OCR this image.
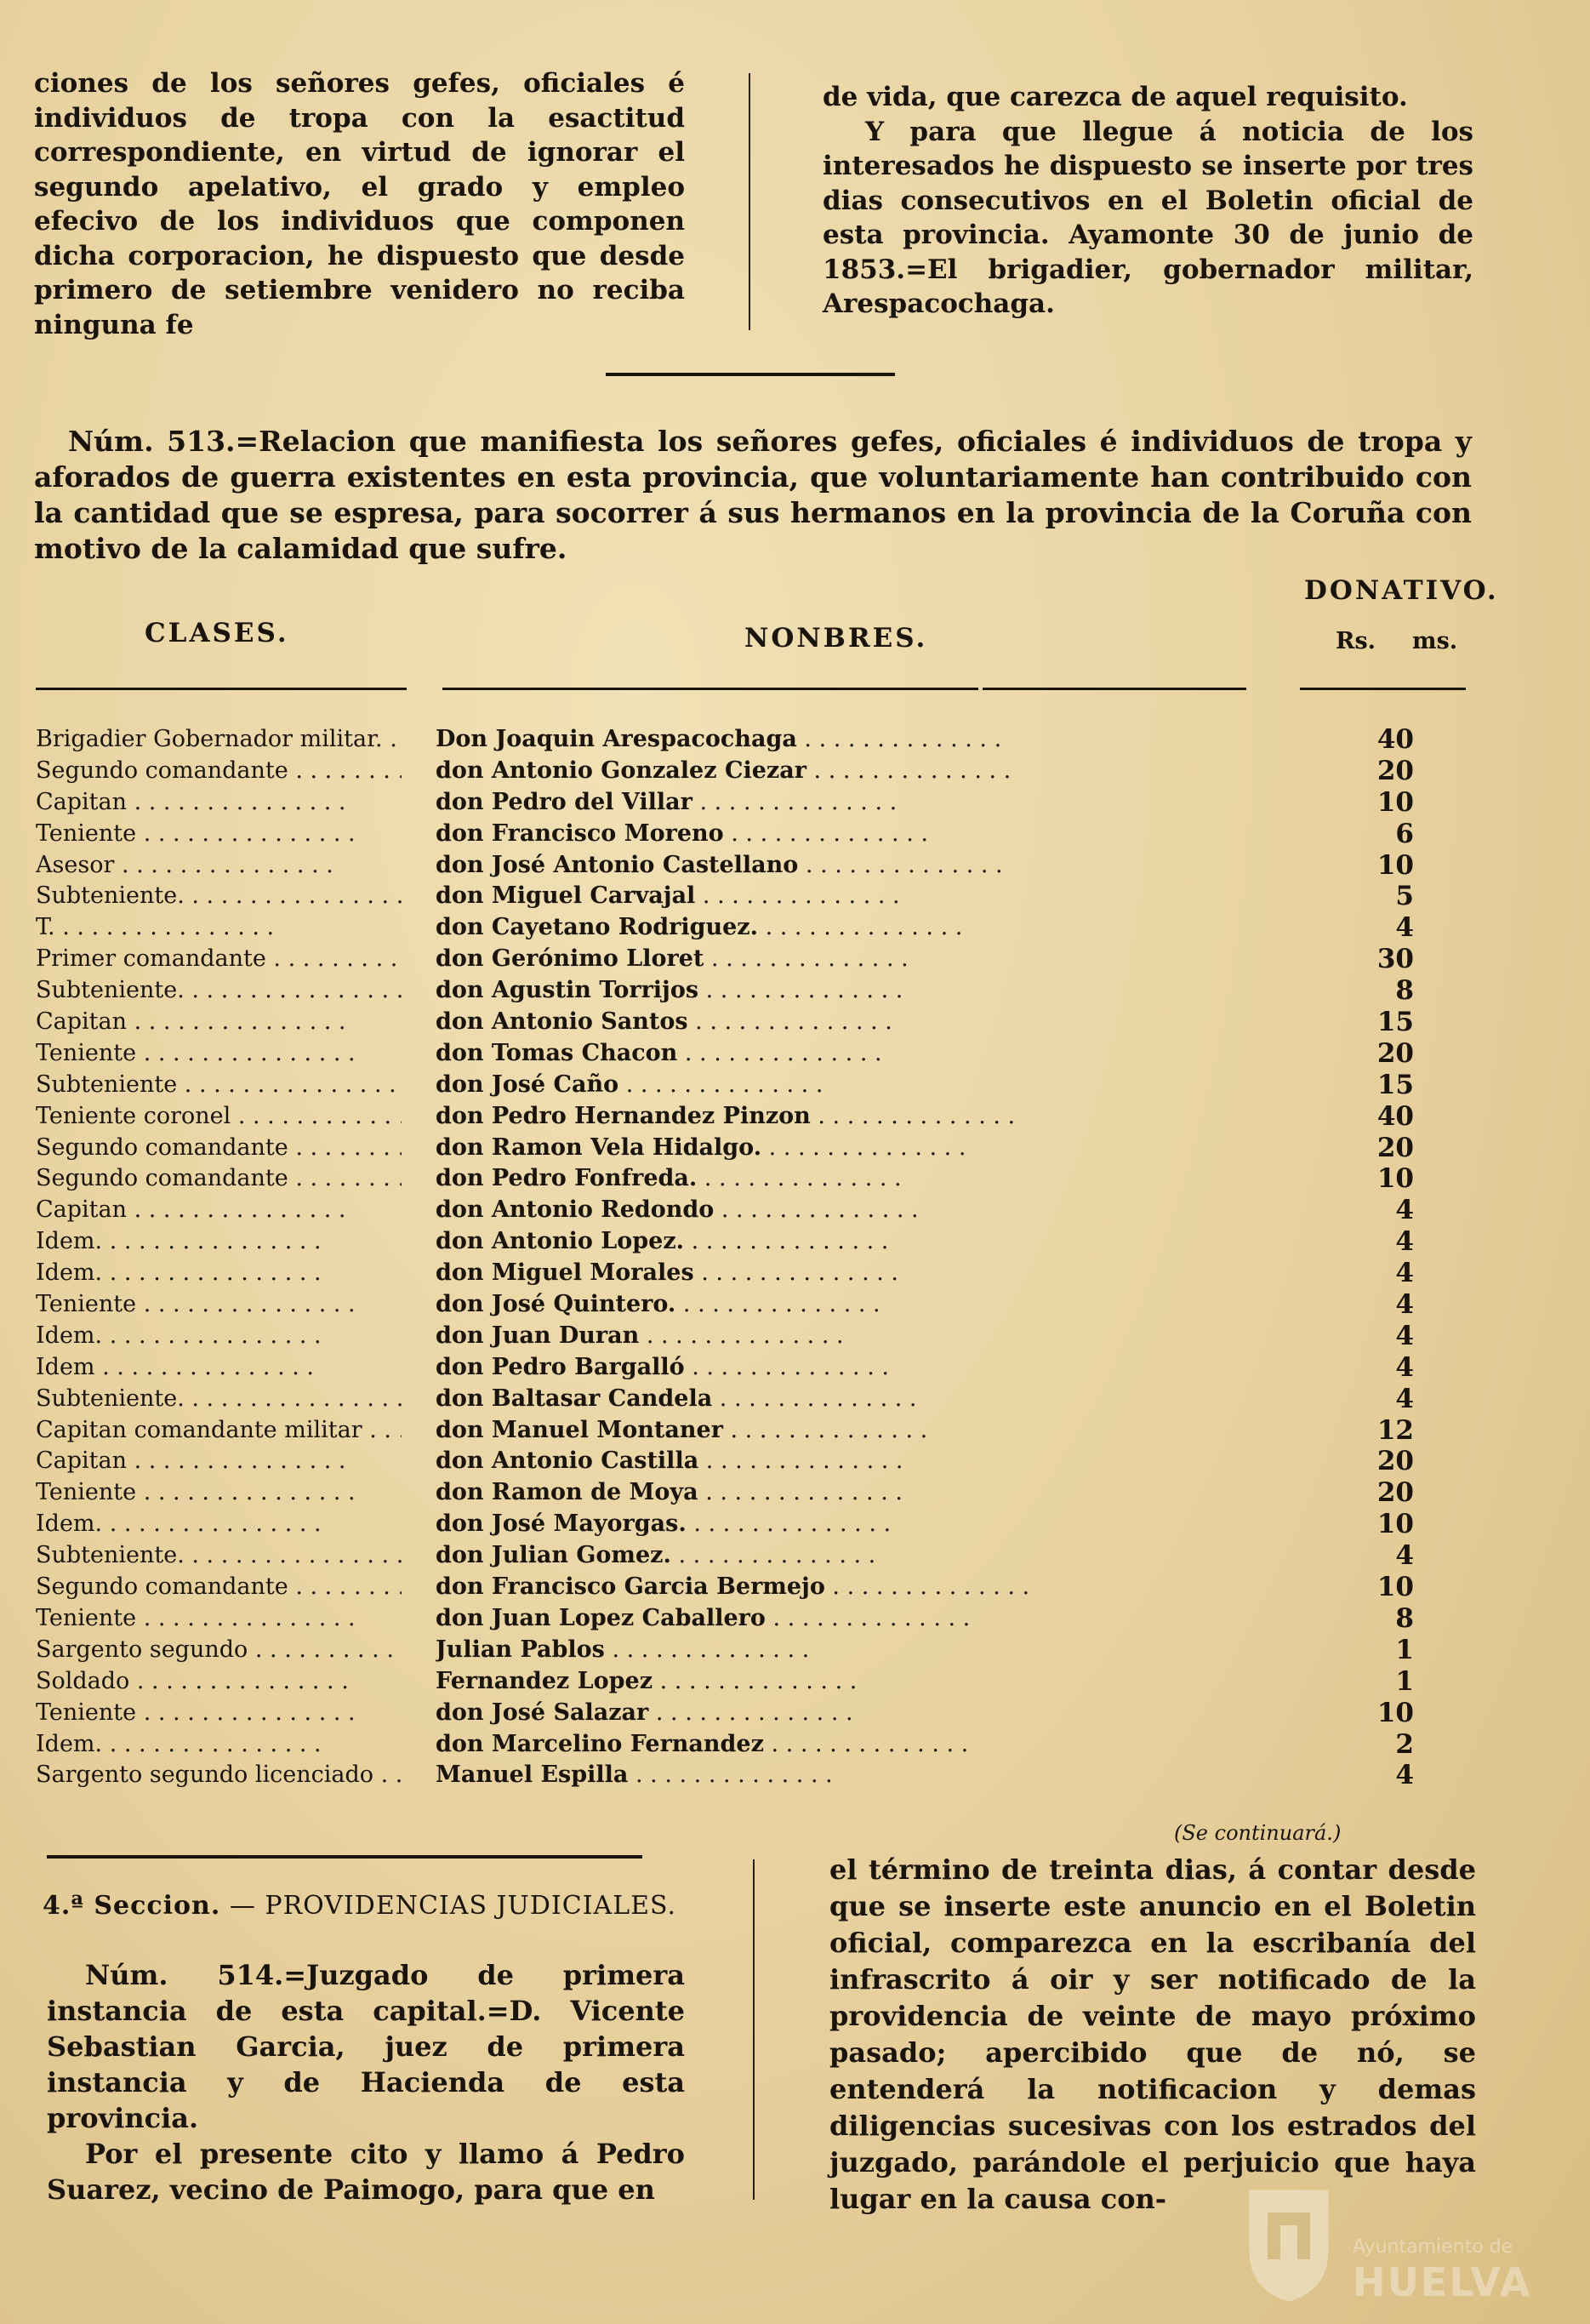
ciones de los señores gefes, oficiales é individuos de tropa con la esactitud correspondiente, en virtud de ignorar el segundo apelativo, el grado y empleo efecivo de los individuos que componen dicha corporacion, he dispuesto que desde primero de setiembre venidero no reciba ninguna fe

de vida, que carezca de aquel requisito.

Y para que llegue á noticia de los interesados he dispuesto se inserte por tres dias consecutivos en el Boletin oficial de esta provincia. Ayamonte 30 de junio de 1853.=El brigadier, gobernador militar, Arespacochaga.

Núm. 513.=Relacion que manifiesta los señores gefes, oficiales é individuos de tropa y aforados de guerra existentes en esta provincia, que voluntariamente han contribuido con la cantidad que se espresa, para socorrer á sus hermanos en la provincia de la Coruña con motivo de la calamidad que sufre.
CLASES.	NONBRES.
DONATIVO.
Rs. ms.
Brigadier Gobernador militar. . .	Don Joaquin Arespacochaga .	40
Segundo comandante . .	don Antonio Gonzalez Ciezar .	20
Capitan . .	don Pedro del Villar .	10
Teniente . .	don Francisco Moreno .	6
Asesor . .	don José Antonio Castellano .	10
Subteniente. . .	don Miguel Carvajal .	5
T. . .	don Cayetano Rodriguez. .	4
Primer comandante . .	don Gerónimo Lloret .	30
Subteniente. . .	don Agustin Torrijos .	8
Capitan . .	don Antonio Santos .	15
Teniente . .	don Tomas Chacon .	20
Subteniente . .	don José Caño .	15
Teniente coronel . .	don Pedro Hernandez Pinzon .	40
Segundo comandante . .	don Ramon Vela Hidalgo. .	20
Segundo comandante . .	don Pedro Fonfreda. .	10
Capitan . .	don Antonio Redondo .	4
Idem. . .	don Antonio Lopez. .	4
Idem. . .	don Miguel Morales .	4
Teniente . .	don José Quintero. .	4
Idem. . .	don Juan Duran .	4
Idem . .	don Pedro Bargalló .	4
Subteniente. . .	don Baltasar Candela .	4
Capitan comandante militar . .	don Manuel Montaner .	12
Capitan . .	don Antonio Castilla .	20
Teniente . .	don Ramon de Moya .	20
Idem. . .	don José Mayorgas. .	10
Subteniente. . .	don Julian Gomez. .	4
Segundo comandante . .	don Francisco Garcia Bermejo .	10
Teniente . .	don Juan Lopez Caballero .	8
Sargento segundo . .	Julian Pablos .	1
Soldado . .	Fernandez Lopez .	1
Teniente . .	don José Salazar .	10
Idem. . .	don Marcelino Fernandez .	2
Sargento segundo licenciado . .	Manuel Espilla .	4
(Se continuará.)
4.ª Seccion. — PROVIDENCIAS JUDICIALES.

Núm. 514.=Juzgado de primera instancia de esta capital.=D. Vicente Sebastian Garcia, juez de primera instancia y de Hacienda de esta provincia.

Por el presente cito y llamo á Pedro Suarez, vecino de Paimogo, para que en

el término de treinta dias, á contar desde que se inserte este anuncio en el Boletin oficial, comparezca en la escribanía del infrascrito á oir y ser notificado de la providencia de veinte de mayo próximo pasado; apercibido que de nó, se entenderá la notificacion y demas diligencias sucesivas con los estrados del juzgado, parándole el perjuicio que haya lugar en la causa con-

Ayuntamiento de
HUELVA
